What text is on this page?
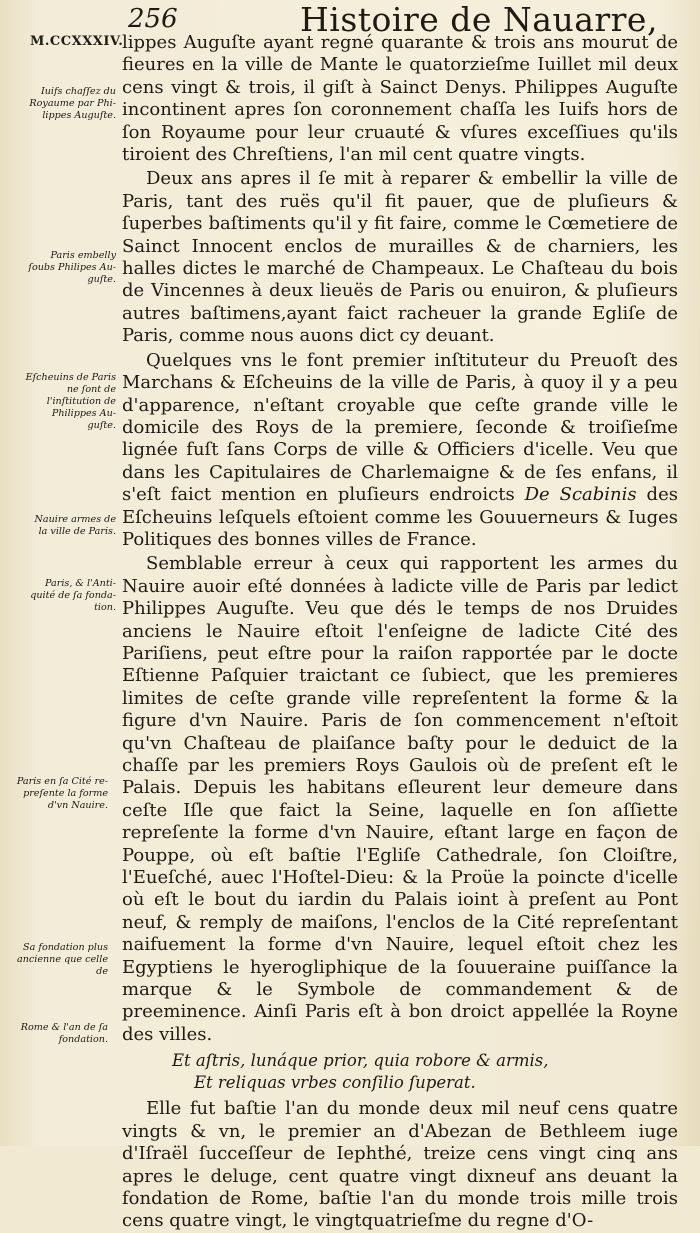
M.CCXXXIV.
256	Histoire de Nauarre,
Iuifs chaſſez du Royaume par Phi-lippes Auguſte.
Paris embelly ſoubs Philipes Au-guſte.
Eſcheuins de Paris ne ſont de l'inſtitution de Philippes Au-guſte.
Nauire armes de la ville de Paris.
Paris, & l'Anti-quité de ſa fonda-tion.
Paris en ſa Cité re-preſente la forme d'vn Nauire.
Sa fondation plus ancienne que celle de
Rome & l'an de ſa fondation.

lippes Auguſte ayant regné quarante & trois ans mourut de fieures en la ville de Mante le quatorzieſme Iuillet mil deux cens vingt & trois, il giſt à Sainct Denys. Philippes Auguſte incontinent apres ſon coronnement chaſſa les Iuifs hors de ſon Royaume pour leur cruauté & vſures exceſſiues qu'ils tiroient des Chreſtiens, l'an mil cent quatre vingts.

Deux ans apres il ſe mit à reparer & embellir la ville de Paris, tant des ruës qu'il fit pauer, que de pluſieurs & ſuperbes baſtiments qu'il y fit faire, comme le Cœmetiere de Sainct Innocent enclos de murailles & de charniers, les halles dictes le marché de Champeaux. Le Chaſteau du bois de Vincennes à deux lieuës de Paris ou enuiron, & pluſieurs autres baſtimens,ayant faict racheuer la grande Egliſe de Paris, comme nous auons dict cy deuant.

Quelques vns le font premier inſtituteur du Preuoſt des Marchans & Eſcheuins de la ville de Paris, à quoy il y a peu d'apparence, n'eſtant croyable que ceſte grande ville le domicile des Roys de la premiere, ſeconde & troiſieſme lignée fuſt ſans Corps de ville & Officiers d'icelle. Veu que dans les Capitulaires de Charlemaigne & de ſes enfans, il s'eſt faict mention en pluſieurs endroicts De Scabinis des Eſcheuins leſquels eſtoient comme les Gouuerneurs & Iuges Politiques des bonnes villes de France.

Semblable erreur à ceux qui rapportent les armes du Nauire auoir eſté données à ladicte ville de Paris par ledict Philippes Auguſte. Veu que dés le temps de nos Druides anciens le Nauire eſtoit l'enſeigne de ladicte Cité des Pariſiens, peut eſtre pour la raiſon rapportée par le docte Eſtienne Paſquier traictant ce ſubiect, que les premieres limites de ceſte grande ville repreſentent la forme & la figure d'vn Nauire. Paris de ſon commencement n'eſtoit qu'vn Chaſteau de plaiſance baſty pour le deduict de la chaſſe par les premiers Roys Gaulois où de preſent eſt le Palais. Depuis les habitans eſleurent leur demeure dans ceſte Iſle que faict la Seine, laquelle en ſon aſſiette repreſente la forme d'vn Nauire, eſtant large en façon de Pouppe, où eſt baſtie l'Egliſe Cathedrale, ſon Cloiſtre, l'Eueſché, auec l'Hoſtel-Dieu: & la Proüe la poincte d'icelle où eſt le bout du iardin du Palais ioint à preſent au Pont neuf, & remply de maiſons, l'enclos de la Cité repreſentant naifuement la forme d'vn Nauire, lequel eſtoit chez les Egyptiens le hyerogliphique de la ſouueraine puiſſance la marque & le Symbole de commandement & de preeminence. Ainſi Paris eſt à bon droict appellée la Royne des villes.

Et aſtris, lunáque prior, quia robore & armis,
Et reliquas vrbes conſilio ſuperat.

Elle fut baſtie l'an du monde deux mil neuf cens quatre vingts & vn, le premier an d'Abezan de Bethleem iuge d'Iſraël ſucceſſeur de Iephthé, treize cens vingt cinq ans apres le deluge, cent quatre vingt dixneuf ans deuant la fondation de Rome, baſtie l'an du monde trois mille trois cens quatre vingt, le vingtquatrieſme du regne d'O-
